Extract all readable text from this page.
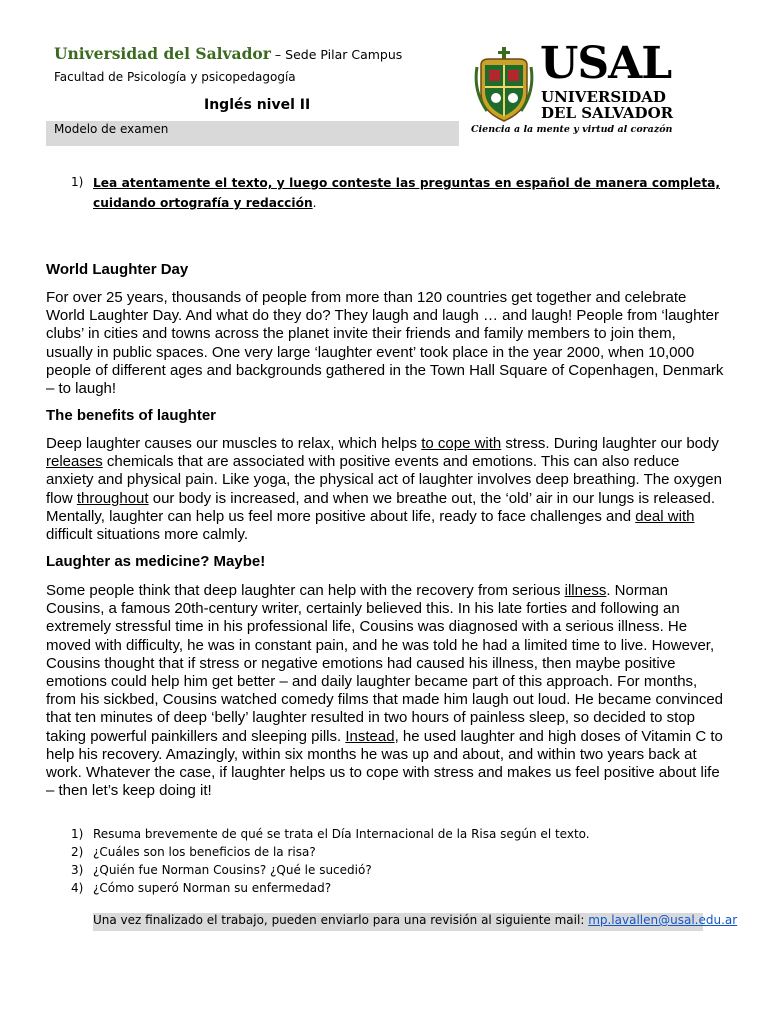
Universidad del Salvador – Sede Pilar Campus
Facultad de Psicología y psicopedagogía
Inglés nivel II
Modelo de examen
USAL
UNIVERSIDAD
DEL SALVADOR
Ciencia a la mente y virtud al corazón
1) Lea atentamente el texto, y luego conteste las preguntas en español de manera completa, cuidando ortografía y redacción.
World Laughter Day
For over 25 years, thousands of people from more than 120 countries get together and celebrate World Laughter Day. And what do they do? They laugh and laugh … and laugh! People from ‘laughter clubs’ in cities and towns across the planet invite their friends and family members to join them, usually in public spaces. One very large ‘laughter event’ took place in the year 2000, when 10,000 people of different ages and backgrounds gathered in the Town Hall Square of Copenhagen, Denmark – to laugh!
The benefits of laughter
Deep laughter causes our muscles to relax, which helps to cope with stress. During laughter our body releases chemicals that are associated with positive events and emotions. This can also reduce anxiety and physical pain. Like yoga, the physical act of laughter involves deep breathing. The oxygen flow throughout our body is increased, and when we breathe out, the ‘old’ air in our lungs is released. Mentally, laughter can help us feel more positive about life, ready to face challenges and deal with difficult situations more calmly.
Laughter as medicine? Maybe!
Some people think that deep laughter can help with the recovery from serious illness. Norman Cousins, a famous 20th-century writer, certainly believed this. In his late forties and following an extremely stressful time in his professional life, Cousins was diagnosed with a serious illness. He moved with difficulty, he was in constant pain, and he was told he had a limited time to live. However, Cousins thought that if stress or negative emotions had caused his illness, then maybe positive emotions could help him get better – and daily laughter became part of this approach. For months, from his sickbed, Cousins watched comedy films that made him laugh out loud. He became convinced that ten minutes of deep ‘belly’ laughter resulted in two hours of painless sleep, so decided to stop taking powerful painkillers and sleeping pills. Instead, he used laughter and high doses of Vitamin C to help his recovery. Amazingly, within six months he was up and about, and within two years back at work. Whatever the case, if laughter helps us to cope with stress and makes us feel positive about life – then let’s keep doing it!
1) Resuma brevemente de qué se trata el Día Internacional de la Risa según el texto.
2) ¿Cuáles son los beneficios de la risa?
3) ¿Quién fue Norman Cousins? ¿Qué le sucedió?
4) ¿Cómo superó Norman su enfermedad?
Una vez finalizado el trabajo, pueden enviarlo para una revisión al siguiente mail: mp.lavallen@usal.edu.ar
